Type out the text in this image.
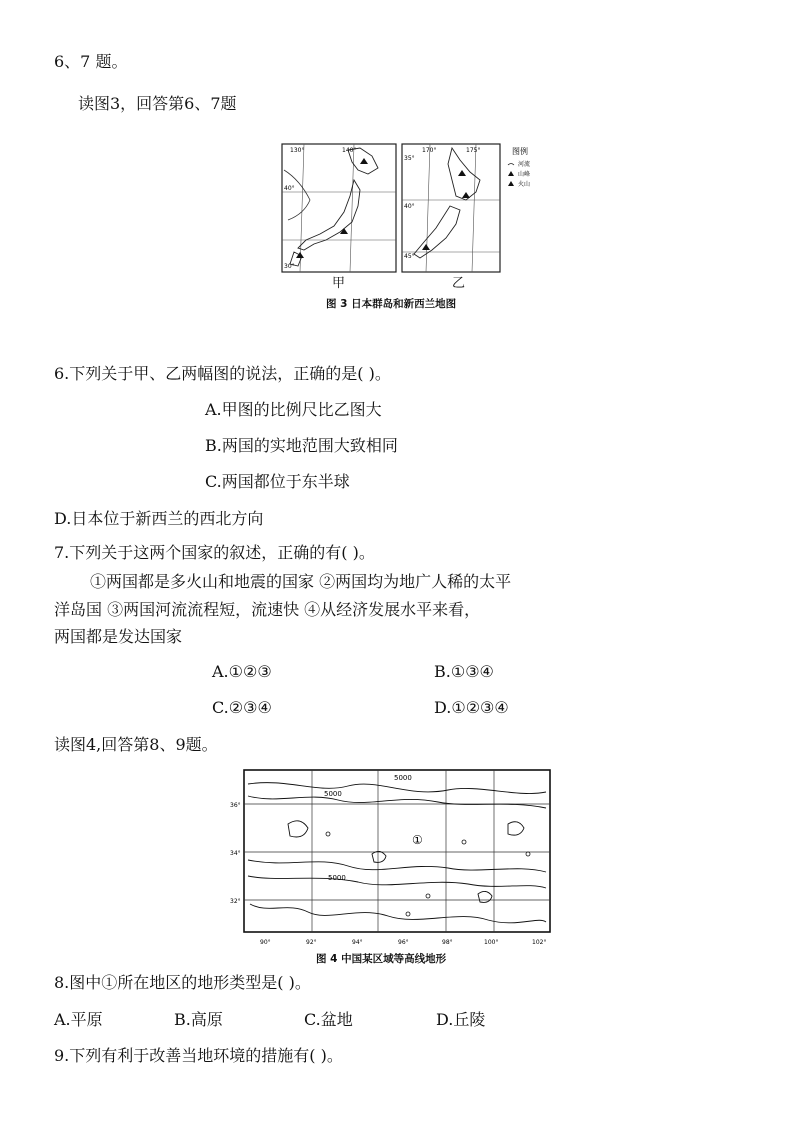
6、7 题。
读图3，回答第6、7题
130°	140°
40°
30°
170°	175°
35°
40°
45°
图例
河流
山峰
火山
甲	乙
图 3 日本群岛和新西兰地图
6.下列关于甲、乙两幅图的说法，正确的是( )。
A.甲图的比例尺比乙图大
B.两国的实地范围大致相同
C.两国都位于东半球
D.日本位于新西兰的西北方向
7.下列关于这两个国家的叙述，正确的有( )。
①两国都是多火山和地震的国家 ②两国均为地广人稀的太平
洋岛国 ③两国河流流程短，流速快 ④从经济发展水平来看，
两国都是发达国家
A.①②③	B.①③④
C.②③④	D.①②③④
读图4,回答第8、9题。
5000
5000
5000
①
36°
34°
32°
90°	92°	94°	96°	98°	100°	102°
图 4 中国某区域等高线地形
8.图中①所在地区的地形类型是( )。
A.平原	B.高原	C.盆地	D.丘陵
9.下列有利于改善当地环境的措施有( )。
